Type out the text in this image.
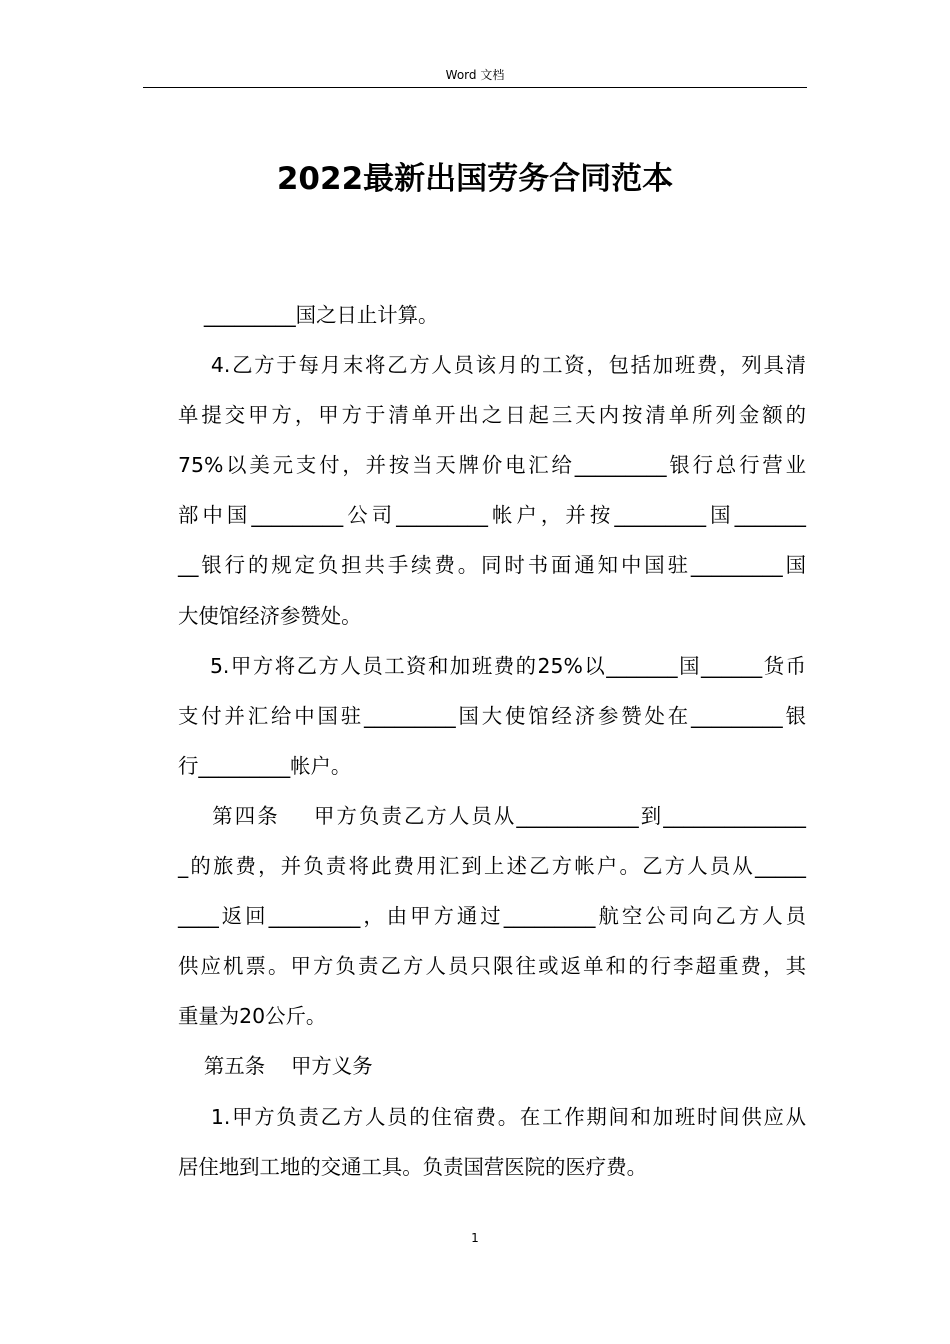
Word 文档
2022最新出国劳务合同范本
_________国之日止计算。
4.乙方于每月末将乙方人员该月的工资，包括加班费，列具清
单提交甲方，甲方于清单开出之日起三天内按清单所列金额的
75%以美元支付，并按当天牌价电汇给_________银行总行营业
部中国_________公司_________帐户，并按_________国_______
__银行的规定负担共手续费。同时书面通知中国驻_________国
大使馆经济参赞处。
5.甲方将乙方人员工资和加班费的25%以_______国______货币
支付并汇给中国驻_________国大使馆经济参赞处在_________银
行_________帐户。
第四条    甲方负责乙方人员从____________到______________
_的旅费，并负责将此费用汇到上述乙方帐户。乙方人员从_____
____返回_________，由甲方通过_________航空公司向乙方人员
供应机票。甲方负责乙方人员只限往或返单和的行李超重费，其
重量为20公斤。
第五条    甲方义务
1.甲方负责乙方人员的住宿费。在工作期间和加班时间供应从
居住地到工地的交通工具。负责国营医院的医疗费。
1
